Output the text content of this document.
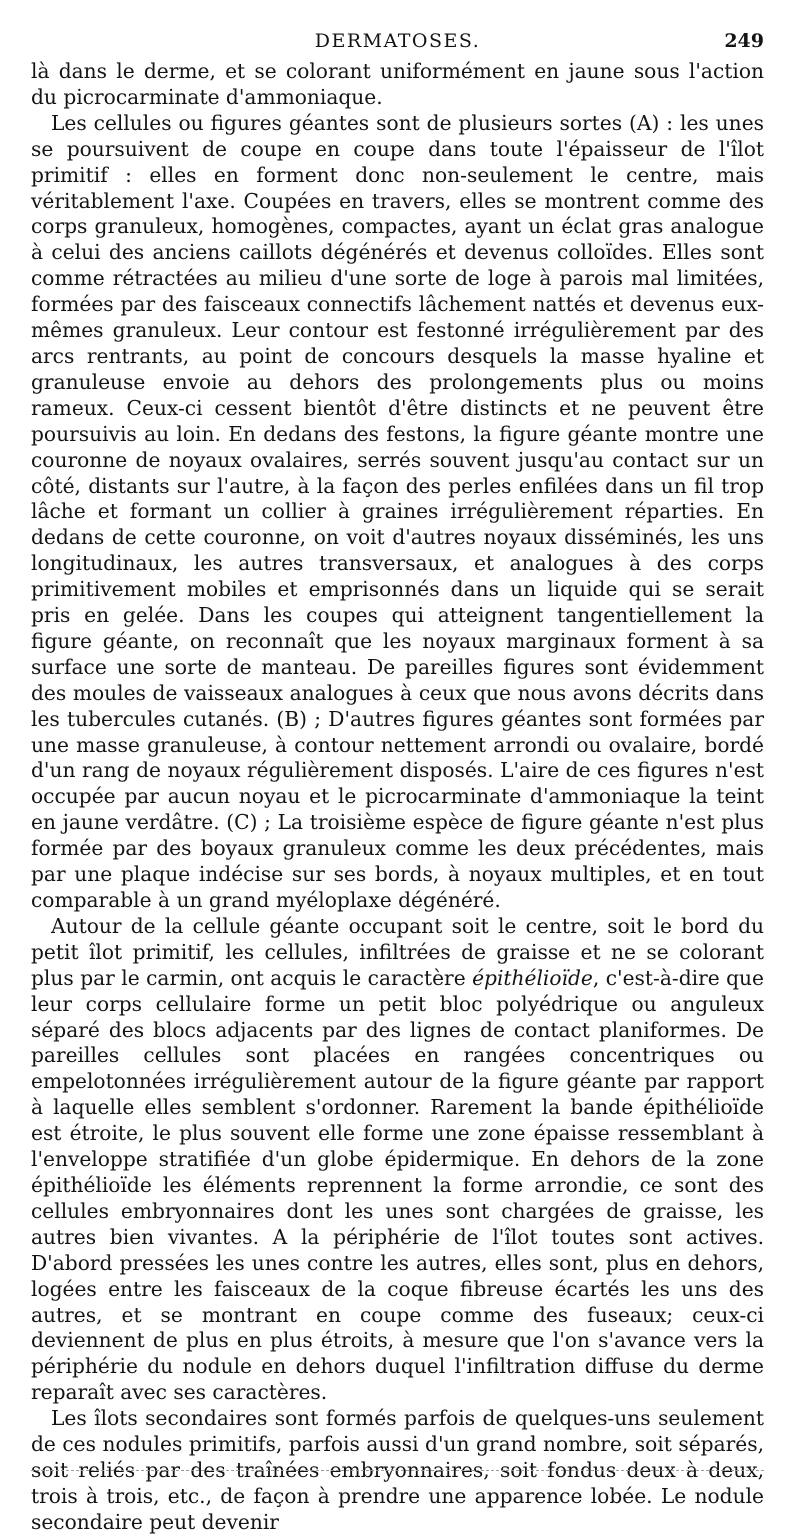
DERMATOSES.	249

là dans le derme, et se colorant uniformément en jaune sous l'action du picrocarminate d'ammoniaque.

Les cellules ou figures géantes sont de plusieurs sortes (A) : les unes se poursuivent de coupe en coupe dans toute l'épaisseur de l'îlot primitif : elles en forment donc non-seulement le centre, mais véritablement l'axe. Coupées en travers, elles se montrent comme des corps granuleux, homogènes, compactes, ayant un éclat gras analogue à celui des anciens caillots dégénérés et devenus colloïdes. Elles sont comme rétractées au milieu d'une sorte de loge à parois mal limitées, formées par des faisceaux connectifs lâchement nattés et devenus eux-mêmes granuleux. Leur contour est festonné irrégulièrement par des arcs rentrants, au point de concours desquels la masse hyaline et granuleuse envoie au dehors des prolongements plus ou moins rameux. Ceux-ci cessent bientôt d'être distincts et ne peuvent être poursuivis au loin. En dedans des festons, la figure géante montre une couronne de noyaux ovalaires, serrés souvent jusqu'au contact sur un côté, distants sur l'autre, à la façon des perles enfilées dans un fil trop lâche et formant un collier à graines irrégulièrement réparties. En dedans de cette couronne, on voit d'autres noyaux disséminés, les uns longitudinaux, les autres transversaux, et analogues à des corps primitivement mobiles et emprisonnés dans un liquide qui se serait pris en gelée. Dans les coupes qui atteignent tangentiellement la figure géante, on reconnaît que les noyaux marginaux forment à sa surface une sorte de manteau. De pareilles figures sont évidemment des moules de vaisseaux analogues à ceux que nous avons décrits dans les tubercules cutanés. (B) ; D'autres figures géantes sont formées par une masse granuleuse, à contour nettement arrondi ou ovalaire, bordé d'un rang de noyaux régulièrement disposés. L'aire de ces figures n'est occupée par aucun noyau et le picrocarminate d'ammoniaque la teint en jaune verdâtre. (C) ; La troisième espèce de figure géante n'est plus formée par des boyaux granuleux comme les deux précédentes, mais par une plaque indécise sur ses bords, à noyaux multiples, et en tout comparable à un grand myéloplaxe dégénéré.

Autour de la cellule géante occupant soit le centre, soit le bord du petit îlot primitif, les cellules, infiltrées de graisse et ne se colorant plus par le carmin, ont acquis le caractère épithélioïde, c'est-à-dire que leur corps cellulaire forme un petit bloc polyédrique ou anguleux séparé des blocs adjacents par des lignes de contact planiformes. De pareilles cellules sont placées en rangées concentriques ou empelotonnées irrégulièrement autour de la figure géante par rapport à laquelle elles semblent s'ordonner. Rarement la bande épithélioïde est étroite, le plus souvent elle forme une zone épaisse ressemblant à l'enveloppe stratifiée d'un globe épidermique. En dehors de la zone épithélioïde les éléments reprennent la forme arrondie, ce sont des cellules embryonnaires dont les unes sont chargées de graisse, les autres bien vivantes. A la périphérie de l'îlot toutes sont actives. D'abord pressées les unes contre les autres, elles sont, plus en dehors, logées entre les faisceaux de la coque fibreuse écartés les uns des autres, et se montrant en coupe comme des fuseaux; ceux-ci deviennent de plus en plus étroits, à mesure que l'on s'avance vers la périphérie du nodule en dehors duquel l'infiltration diffuse du derme reparaît avec ses caractères.

Les îlots secondaires sont formés parfois de quelques-uns seulement de ces nodules primitifs, parfois aussi d'un grand nombre, soit séparés, soit reliés par des traînées embryonnaires, soit fondus deux à deux, trois à trois, etc., de façon à prendre une apparence lobée. Le nodule secondaire peut devenir
